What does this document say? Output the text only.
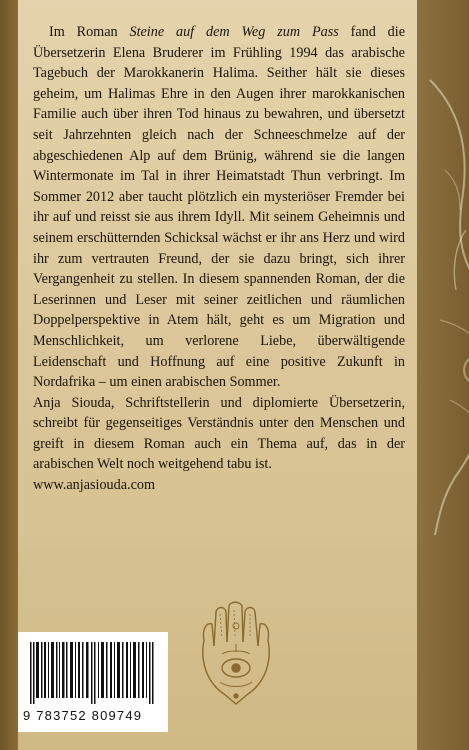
Im Roman Steine auf dem Weg zum Pass fand die Übersetzerin Elena Bruderer im Frühling 1994 das arabische Tagebuch der Marokkanerin Halima. Seither hält sie dieses geheim, um Halimas Ehre in den Augen ihrer marokkanischen Familie auch über ihren Tod hinaus zu bewahren, und übersetzt seit Jahrzehnten gleich nach der Schneeschmelze auf der abgeschiedenen Alp auf dem Brünig, während sie die langen Wintermonate im Tal in ihrer Heimatstadt Thun verbringt. Im Sommer 2012 aber taucht plötzlich ein mysteriöser Fremder bei ihr auf und reisst sie aus ihrem Idyll. Mit seinem Geheimnis und seinem erschütternden Schicksal wächst er ihr ans Herz und wird ihr zum vertrauten Freund, der sie dazu bringt, sich ihrer Vergangenheit zu stellen. In diesem spannenden Roman, der die Leserinnen und Leser mit seiner zeitlichen und räumlichen Doppelperspektive in Atem hält, geht es um Migration und Menschlichkeit, um verlorene Liebe, überwältigende Leidenschaft und Hoffnung auf eine positive Zukunft in Nordafrika – um einen arabischen Sommer.

Anja Siouda, Schriftstellerin und diplomierte Übersetzerin, schreibt für gegenseitiges Verständnis unter den Menschen und greift in diesem Roman auch ein Thema auf, das in der arabischen Welt noch weitgehend tabu ist.

www.anjasiouda.com

9 783752 809749
